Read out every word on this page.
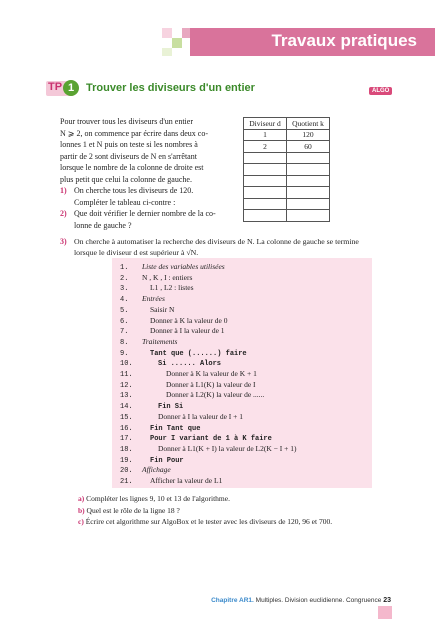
Travaux pratiques
TP 1	Trouver les diviseurs d'un entier	ALGO
Pour trouver tous les diviseurs d'un entier
N ⩾ 2, on commence par écrire dans deux co-
lonnes 1 et N puis on teste si les nombres à
partir de 2 sont diviseurs de N en s'arrêtant
lorsque le nombre de la colonne de droite est
plus petit que celui la colonne de gauche.
1) On cherche tous les diviseurs de 120.
Compléter le tableau ci-contre :
2) Que doit vérifier le dernier nombre de la co-
lonne de gauche ?
Diviseur d	Quotient k
1	120
2	60

3) On cherche à automatiser la recherche des diviseurs de N. La colonne de gauche se termine
lorsque le diviseur d est supérieur à √N.
1. Liste des variables utilisées
2. N , K , I : entiers
3.	L1 , L2 : listes
4. Entrées
5.	Saisir N
6.	Donner à K la valeur de 0
7.	Donner à I la valeur de 1
8. Traitements
9.	Tant que (......) faire
10.	Si ...... Alors
11.	Donner à K la valeur de K + 1
12.	Donner à L1(K) la valeur de I
13.	Donner à L2(K) la valeur de ......
14.	Fin Si
15.	Donner à I la valeur de I + 1
16. Fin Tant que
17. Pour I variant de 1 à K faire
18.	Donner à L1(K + I) la valeur de L2(K − I + 1)
19. Fin Pour
20. Affichage
21. Afficher la valeur de L1
a) Compléter les lignes 9, 10 et 13 de l'algorithme.
b) Quel est le rôle de la ligne 18 ?
c) Écrire cet algorithme sur AlgoBox et le tester avec les diviseurs de 120, 96 et 700.
Chapitre AR1. Multiples. Division euclidienne. Congruence 23
